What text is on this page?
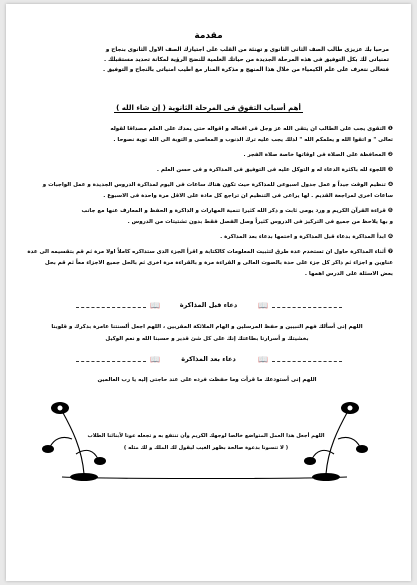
مقدمة
مرحبا بك عزيزى طالب الصف الثانى الثانوى و تهنئة من القلب على اجتيازك الصف الاول الثانوى بنجاح و
تمنياتى لك بكل التوفيق فى هذه المرحلة الجديدة من حياتك العلمية للنضج الرؤية لمكانة تحديد مستقبلك .
فتعالى نتعرف على علم الكيمياء من خلال هذا المنهج و مذكرة المنار مع اطيب امنياتى بالنجاح و التوفيق .
أهم أسباب التفوق فى المرحلة الثانوية ( إن شاء الله )
❶ التقوى يجب على الطالب ان يتقى الله عز وجل فى افعاله و اقواله حتى يمدك على العلم مصداقا لقوله
تعالى " و اتقوا الله و يعلمكم الله " لذلك يجب عليه ترك الذنوب و المعاصى و التوبة الى الله توبة نصوحا .
❷ المحافظة على الصلاة فى اوقاتها خاصة صلاة الفجر .
❸ اللجوء لله باكثرة الدعاء له و التوكل عليه فى التوفيق فى المذاكرة و فى حسن العلم .
❹ تنظيم الوقت جيداً و عمل جدول اسبوعى للمذاكرة حيث تكون هناك ساعات فى اليوم لمذاكرة الدروس الجديدة و عمل الواجبات و
ساعات اخرى لمراجعة القديم . لها يراعى فى التنظيم ان تراجع كل مادة على الاقل مرة واحدة فى الاسبوع .
❺ قراءة القرآن الكريم و ورد يومى ثابت و ذكر الله كثيرا تنمية المهارات و الذاكرة و الحفظ و المعارف عنها مع جانب
و بها يلاحظ من جميع فى التركيز فى الدروس كثيراً وصل الفصل فقط بدون تشتيتات من الدروس .
❻ ابدأ المذاكرة بدعاء قبل المذاكرة و اختمها بدعاء بعد المذاكرة .
❼ أثناء المذاكرة حاول ان تستخدم عدة طرق لتثبيت المعلومات كالكتابة و اقرأ الجزء الذى ستذاكره كاملاً اولا مرة ثم قم بتقسيمه الى عدة
عناوين و اجزاء ثم ذاكر كل جزء على حدة بالصوت العالى و القراءة مرة و بالقراءة مرة اخرى ثم بالحل جميع الاجزاء معاً ثم قم بحل
بعض الاسئلة على الدرس اهمها .
📖	دعاء قبل المذاكرة	📖
اللهم إنى أسألك فهم النبيين و حفظ المرسلين و الهام الملائكة المقربين ، اللهم اجعل ألسنتنا عامرة بذكرك و قلوبنا
بخشيتك و أسرارنا بطاعتك إنك على كل شئ قدير و حسبنا الله و نعم الوكيل
📖	دعاء بعد المذاكرة	📖
اللهم إنى أستودعك ما قرأت وما حفظت فرده على عند حاجتى إليه يا رب العالمين
اللهم أجعل هذا العمل المتواضع خالصا لوجهك الكريم وأن تنتفع به و تجعله عونا لأبنائنا الطلاب
( لا تنسونا بدعوة صالحة بظهر الغيب ليقول لك الملك و لك مثله )
